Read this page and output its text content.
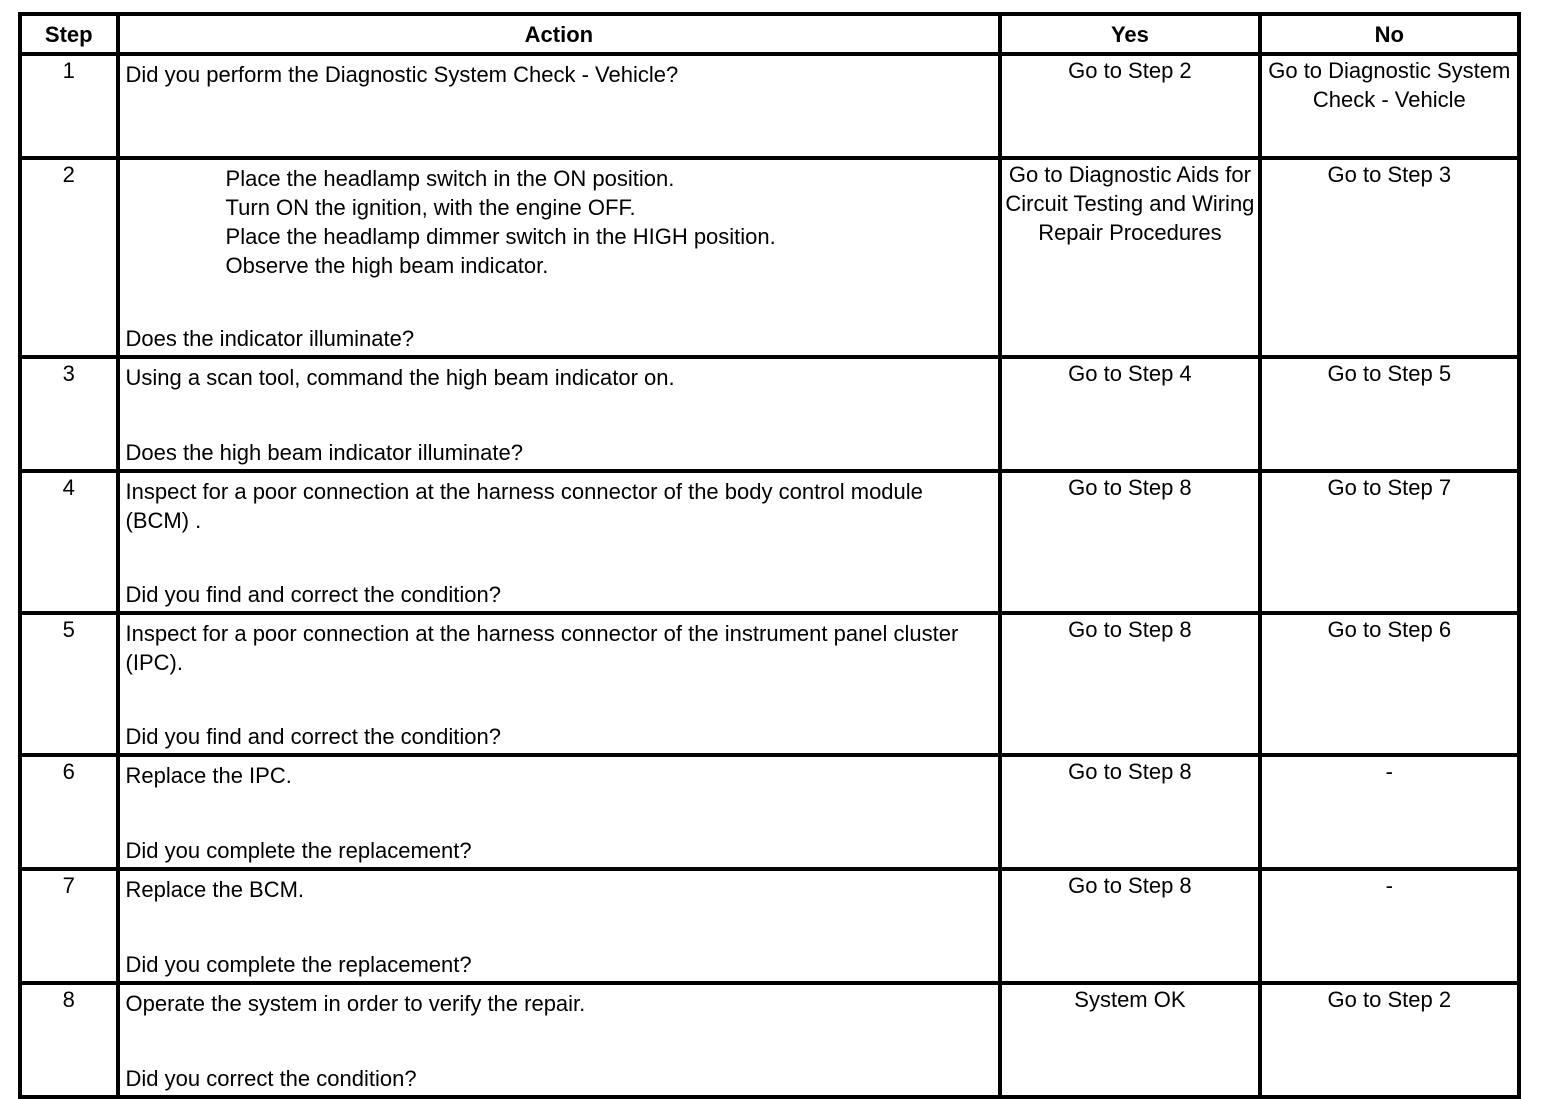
Step	Action	Yes	No
1	Did you perform the Diagnostic System Check - Vehicle?	Go to Step 2	Go to Diagnostic System Check - Vehicle
2	Place the headlamp switch in the ON position.
Turn ON the ignition, with the engine OFF.
Place the headlamp dimmer switch in the HIGH position.
Observe the high beam indicator.
Does the indicator illuminate?	Go to Diagnostic Aids for Circuit Testing and Wiring Repair Procedures	Go to Step 3
3	Using a scan tool, command the high beam indicator on.
Does the high beam indicator illuminate?	Go to Step 4	Go to Step 5
4	Inspect for a poor connection at the harness connector of the body control module (BCM) .
Did you find and correct the condition?	Go to Step 8	Go to Step 7
5	Inspect for a poor connection at the harness connector of the instrument panel cluster (IPC).
Did you find and correct the condition?	Go to Step 8	Go to Step 6
6	Replace the IPC.
Did you complete the replacement?	Go to Step 8	-
7	Replace the BCM.
Did you complete the replacement?	Go to Step 8	-
8	Operate the system in order to verify the repair.
Did you correct the condition?	System OK	Go to Step 2
